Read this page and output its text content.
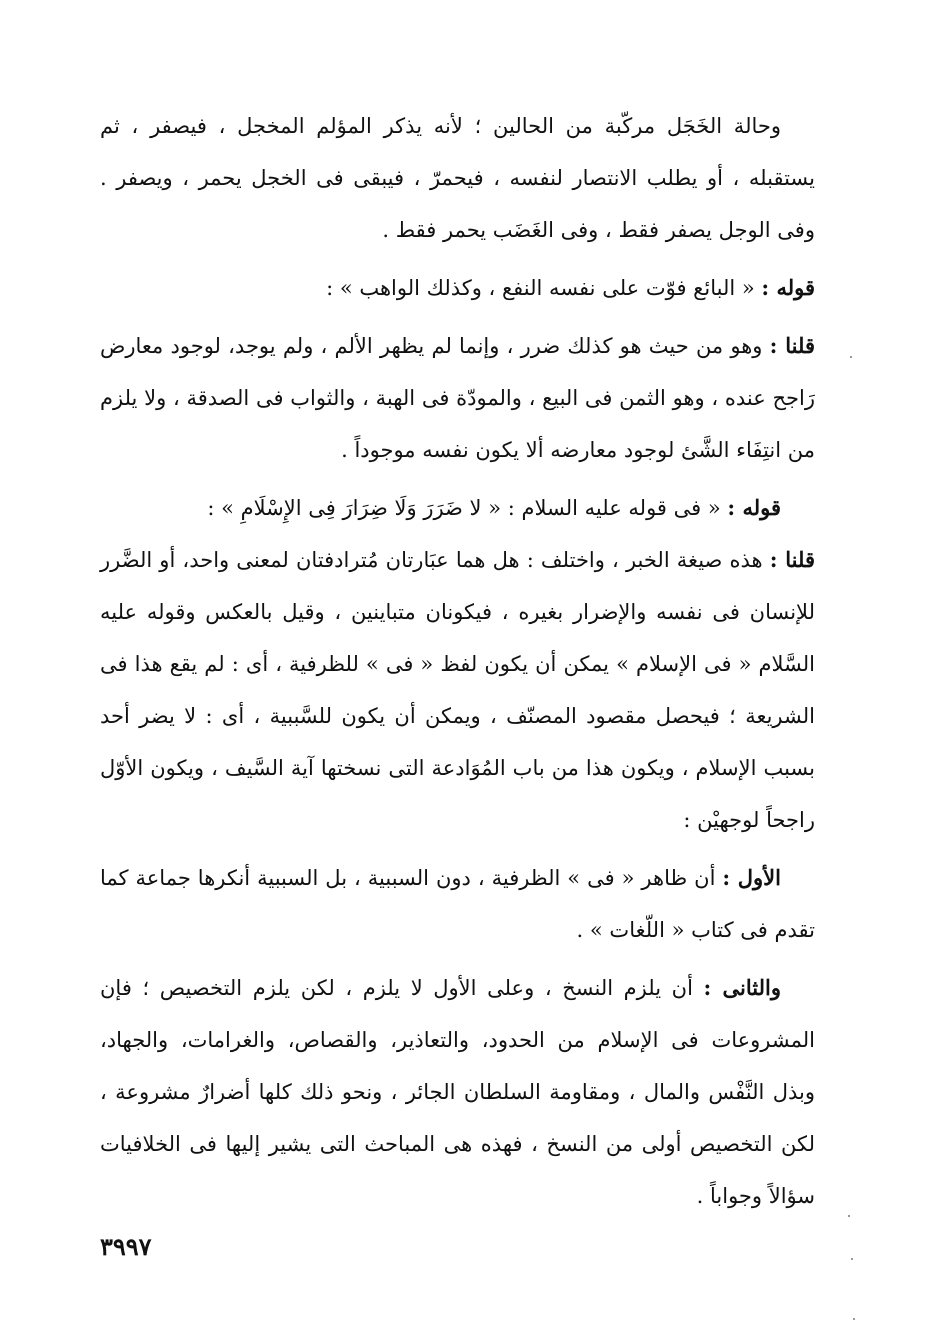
وحالة الخَجَل مركّبة من الحالين ؛ لأنه يذكر المؤلم المخجل ، فيصفر ، ثم يستقبله ، أو يطلب الانتصار لنفسه ، فيحمرّ ، فيبقى فى الخجل يحمر ، ويصفر . وفى الوجل يصفر فقط ، وفى الغَضَب يحمر فقط .

قوله : « البائع فوّت على نفسه النفع ، وكذلك الواهب » :

قلنا : وهو من حيث هو كذلك ضرر ، وإنما لم يظهر الألم ، ولم يوجد، لوجود معارض رَاجح عنده ، وهو الثمن فى البيع ، والمودّة فى الهبة ، والثواب فى الصدقة ، ولا يلزم من انتِفَاء الشَّئ لوجود معارضه ألا يكون نفسه موجوداً .

قوله : « فى قوله عليه السلام : « لا ضَرَرَ وَلَا ضِرَارَ فِى الإِسْلَامِ » :

قلنا : هذه صيغة الخبر ، واختلف : هل هما عبَارتان مُترادفتان لمعنى واحد، أو الضَّرر للإنسان فى نفسه والإضرار بغيره ، فيكونان متباينين ، وقيل بالعكس وقوله عليه السَّلام « فى الإسلام » يمكن أن يكون لفظ « فى » للظرفية ، أى : لم يقع هذا فى الشريعة ؛ فيحصل مقصود المصنّف ، ويمكن أن يكون للسَّببية ، أى : لا يضر أحد بسبب الإسلام ، ويكون هذا من باب المُوَادعة التى نسختها آية السَّيف ، ويكون الأوّل راجحاً لوجهيْن :

الأول : أن ظاهر « فى » الظرفية ، دون السببية ، بل السببية أنكرها جماعة كما تقدم فى كتاب « اللّغات » .

والثانى : أن يلزم النسخ ، وعلى الأول لا يلزم ، لكن يلزم التخصيص ؛ فإن المشروعات فى الإسلام من الحدود، والتعاذير، والقصاص، والغرامات، والجهاد، وبذل النَّفْس والمال ، ومقاومة السلطان الجائر ، ونحو ذلك كلها أضرارٌ مشروعة ، لكن التخصيص أولى من النسخ ، فهذه هى المباحث التى يشير إليها فى الخلافيات سؤالاً وجواباً .

٣٩٩٧
